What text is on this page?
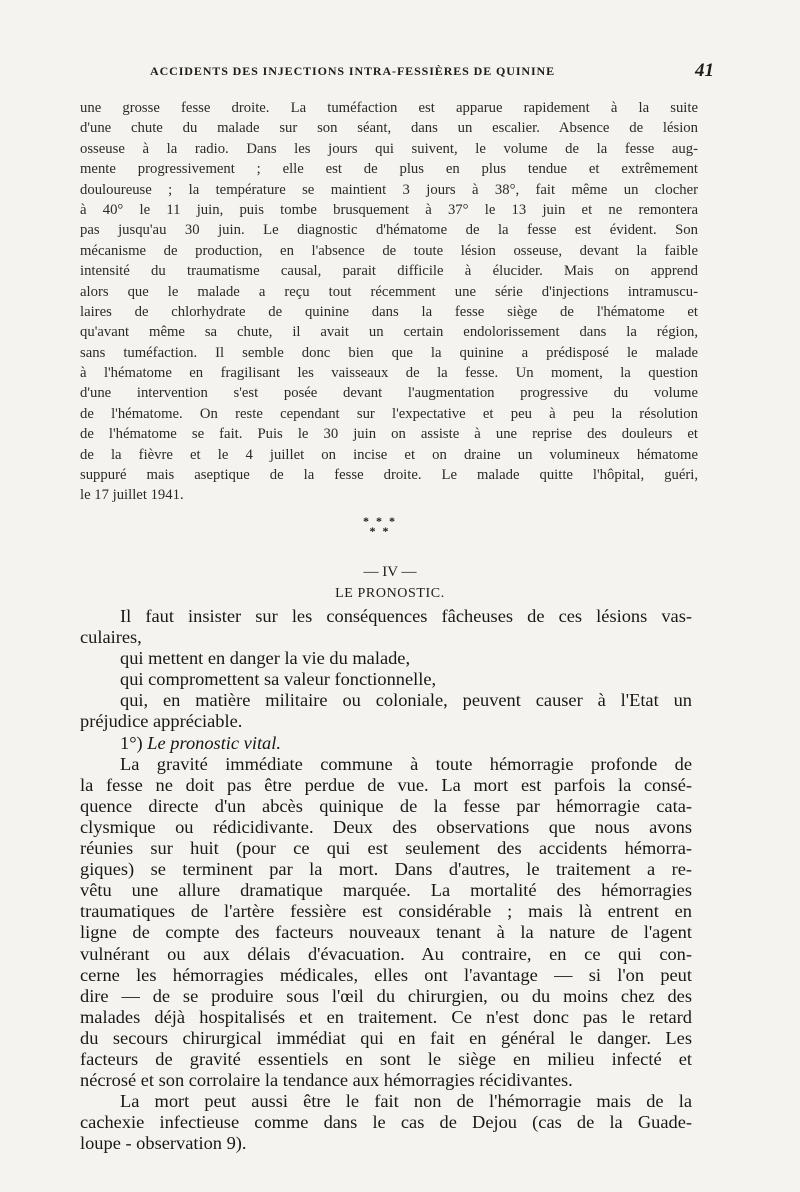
ACCIDENTS DES INJECTIONS INTRA-FESSIÈRES DE QUININE	41
une grosse fesse droite. La tuméfaction est apparue rapidement à la suite
d'une chute du malade sur son séant, dans un escalier. Absence de lésion
osseuse à la radio. Dans les jours qui suivent, le volume de la fesse aug-
mente progressivement ; elle est de plus en plus tendue et extrêmement
douloureuse ; la température se maintient 3 jours à 38°, fait même un clocher
à 40° le 11 juin, puis tombe brusquement à 37° le 13 juin et ne remontera
pas jusqu'au 30 juin. Le diagnostic d'hématome de la fesse est évident. Son
mécanisme de production, en l'absence de toute lésion osseuse, devant la faible
intensité du traumatisme causal, parait difficile à élucider. Mais on apprend
alors que le malade a reçu tout récemment une série d'injections intramuscu-
laires de chlorhydrate de quinine dans la fesse siège de l'hématome et
qu'avant même sa chute, il avait un certain endolorissement dans la région,
sans tuméfaction. Il semble donc bien que la quinine a prédisposé le malade
à l'hématome en fragilisant les vaisseaux de la fesse. Un moment, la question
d'une intervention s'est posée devant l'augmentation progressive du volume
de l'hématome. On reste cependant sur l'expectative et peu à peu la résolution
de l'hématome se fait. Puis le 30 juin on assiste à une reprise des douleurs et
de la fièvre et le 4 juillet on incise et on draine un volumineux hématome
suppuré mais aseptique de la fesse droite. Le malade quitte l'hôpital, guéri,
le 17 juillet 1941.
* * *
* *
— IV —
LE PRONOSTIC.
Il faut insister sur les conséquences fâcheuses de ces lésions vas-
culaires,
qui mettent en danger la vie du malade,
qui compromettent sa valeur fonctionnelle,
qui, en matière militaire ou coloniale, peuvent causer à l'Etat un
préjudice appréciable.
1°) Le pronostic vital.
La gravité immédiate commune à toute hémorragie profonde de
la fesse ne doit pas être perdue de vue. La mort est parfois la consé-
quence directe d'un abcès quinique de la fesse par hémorragie cata-
clysmique ou rédicidivante. Deux des observations que nous avons
réunies sur huit (pour ce qui est seulement des accidents hémorra-
giques) se terminent par la mort. Dans d'autres, le traitement a re-
vêtu une allure dramatique marquée. La mortalité des hémorragies
traumatiques de l'artère fessière est considérable ; mais là entrent en
ligne de compte des facteurs nouveaux tenant à la nature de l'agent
vulnérant ou aux délais d'évacuation. Au contraire, en ce qui con-
cerne les hémorragies médicales, elles ont l'avantage — si l'on peut
dire — de se produire sous l'œil du chirurgien, ou du moins chez des
malades déjà hospitalisés et en traitement. Ce n'est donc pas le retard
du secours chirurgical immédiat qui en fait en général le danger. Les
facteurs de gravité essentiels en sont le siège en milieu infecté et
nécrosé et son corrolaire la tendance aux hémorragies récidivantes.
La mort peut aussi être le fait non de l'hémorragie mais de la
cachexie infectieuse comme dans le cas de Dejou (cas de la Guade-
loupe - observation 9).
